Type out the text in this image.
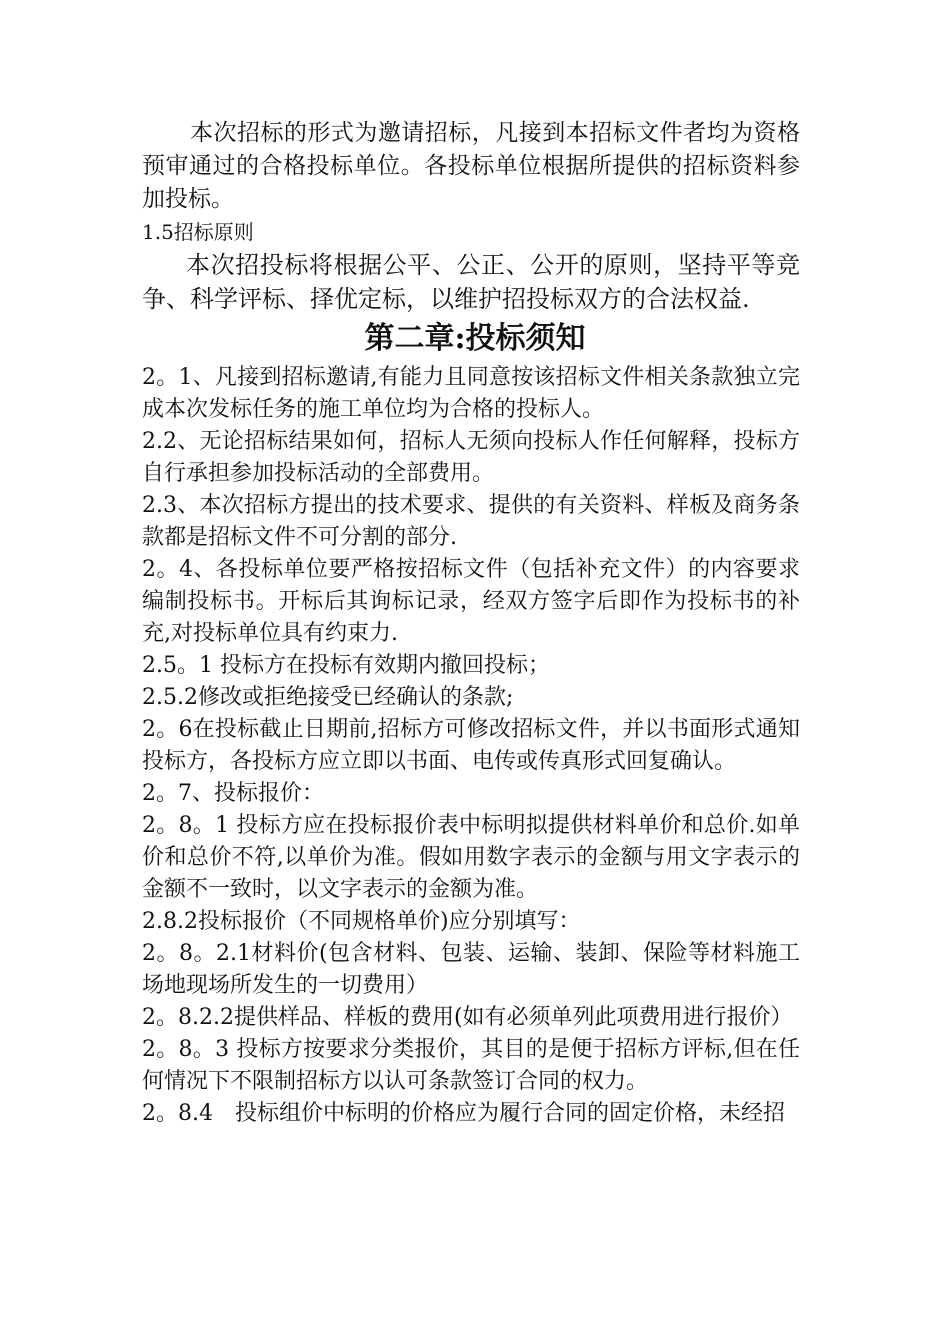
本次招标的形式为邀请招标，凡接到本招标文件者均为资格预审通过的合格投标单位。各投标单位根据所提供的招标资料参加投标。

1.5招标原则

本次招投标将根据公平、公正、公开的原则，坚持平等竞争、科学评标、择优定标，以维护招投标双方的合法权益.

第二章:投标须知

2。1、凡接到招标邀请,有能力且同意按该招标文件相关条款独立完成本次发标任务的施工单位均为合格的投标人。

2.2、无论招标结果如何，招标人无须向投标人作任何解释，投标方自行承担参加投标活动的全部费用。

2.3、本次招标方提出的技术要求、提供的有关资料、样板及商务条款都是招标文件不可分割的部分.

2。4、各投标单位要严格按招标文件（包括补充文件）的内容要求编制投标书。开标后其询标记录，经双方签字后即作为投标书的补充,对投标单位具有约束力.

2.5。1 投标方在投标有效期内撤回投标；

2.5.2修改或拒绝接受已经确认的条款;

2。6在投标截止日期前,招标方可修改招标文件，并以书面形式通知投标方，各投标方应立即以书面、电传或传真形式回复确认。

2。7、投标报价：

2。8。1 投标方应在投标报价表中标明拟提供材料单价和总价.如单价和总价不符,以单价为准。假如用数字表示的金额与用文字表示的金额不一致时，以文字表示的金额为准。

2.8.2投标报价（不同规格单价)应分别填写：

2。8。2.1材料价(包含材料、包装、运输、装卸、保险等材料施工场地现场所发生的一切费用）

2。8.2.2提供样品、样板的费用(如有必须单列此项费用进行报价）

2。8。3 投标方按要求分类报价，其目的是便于招标方评标,但在任何情况下不限制招标方以认可条款签订合同的权力。

2。8.4　投标组价中标明的价格应为履行合同的固定价格，未经招
